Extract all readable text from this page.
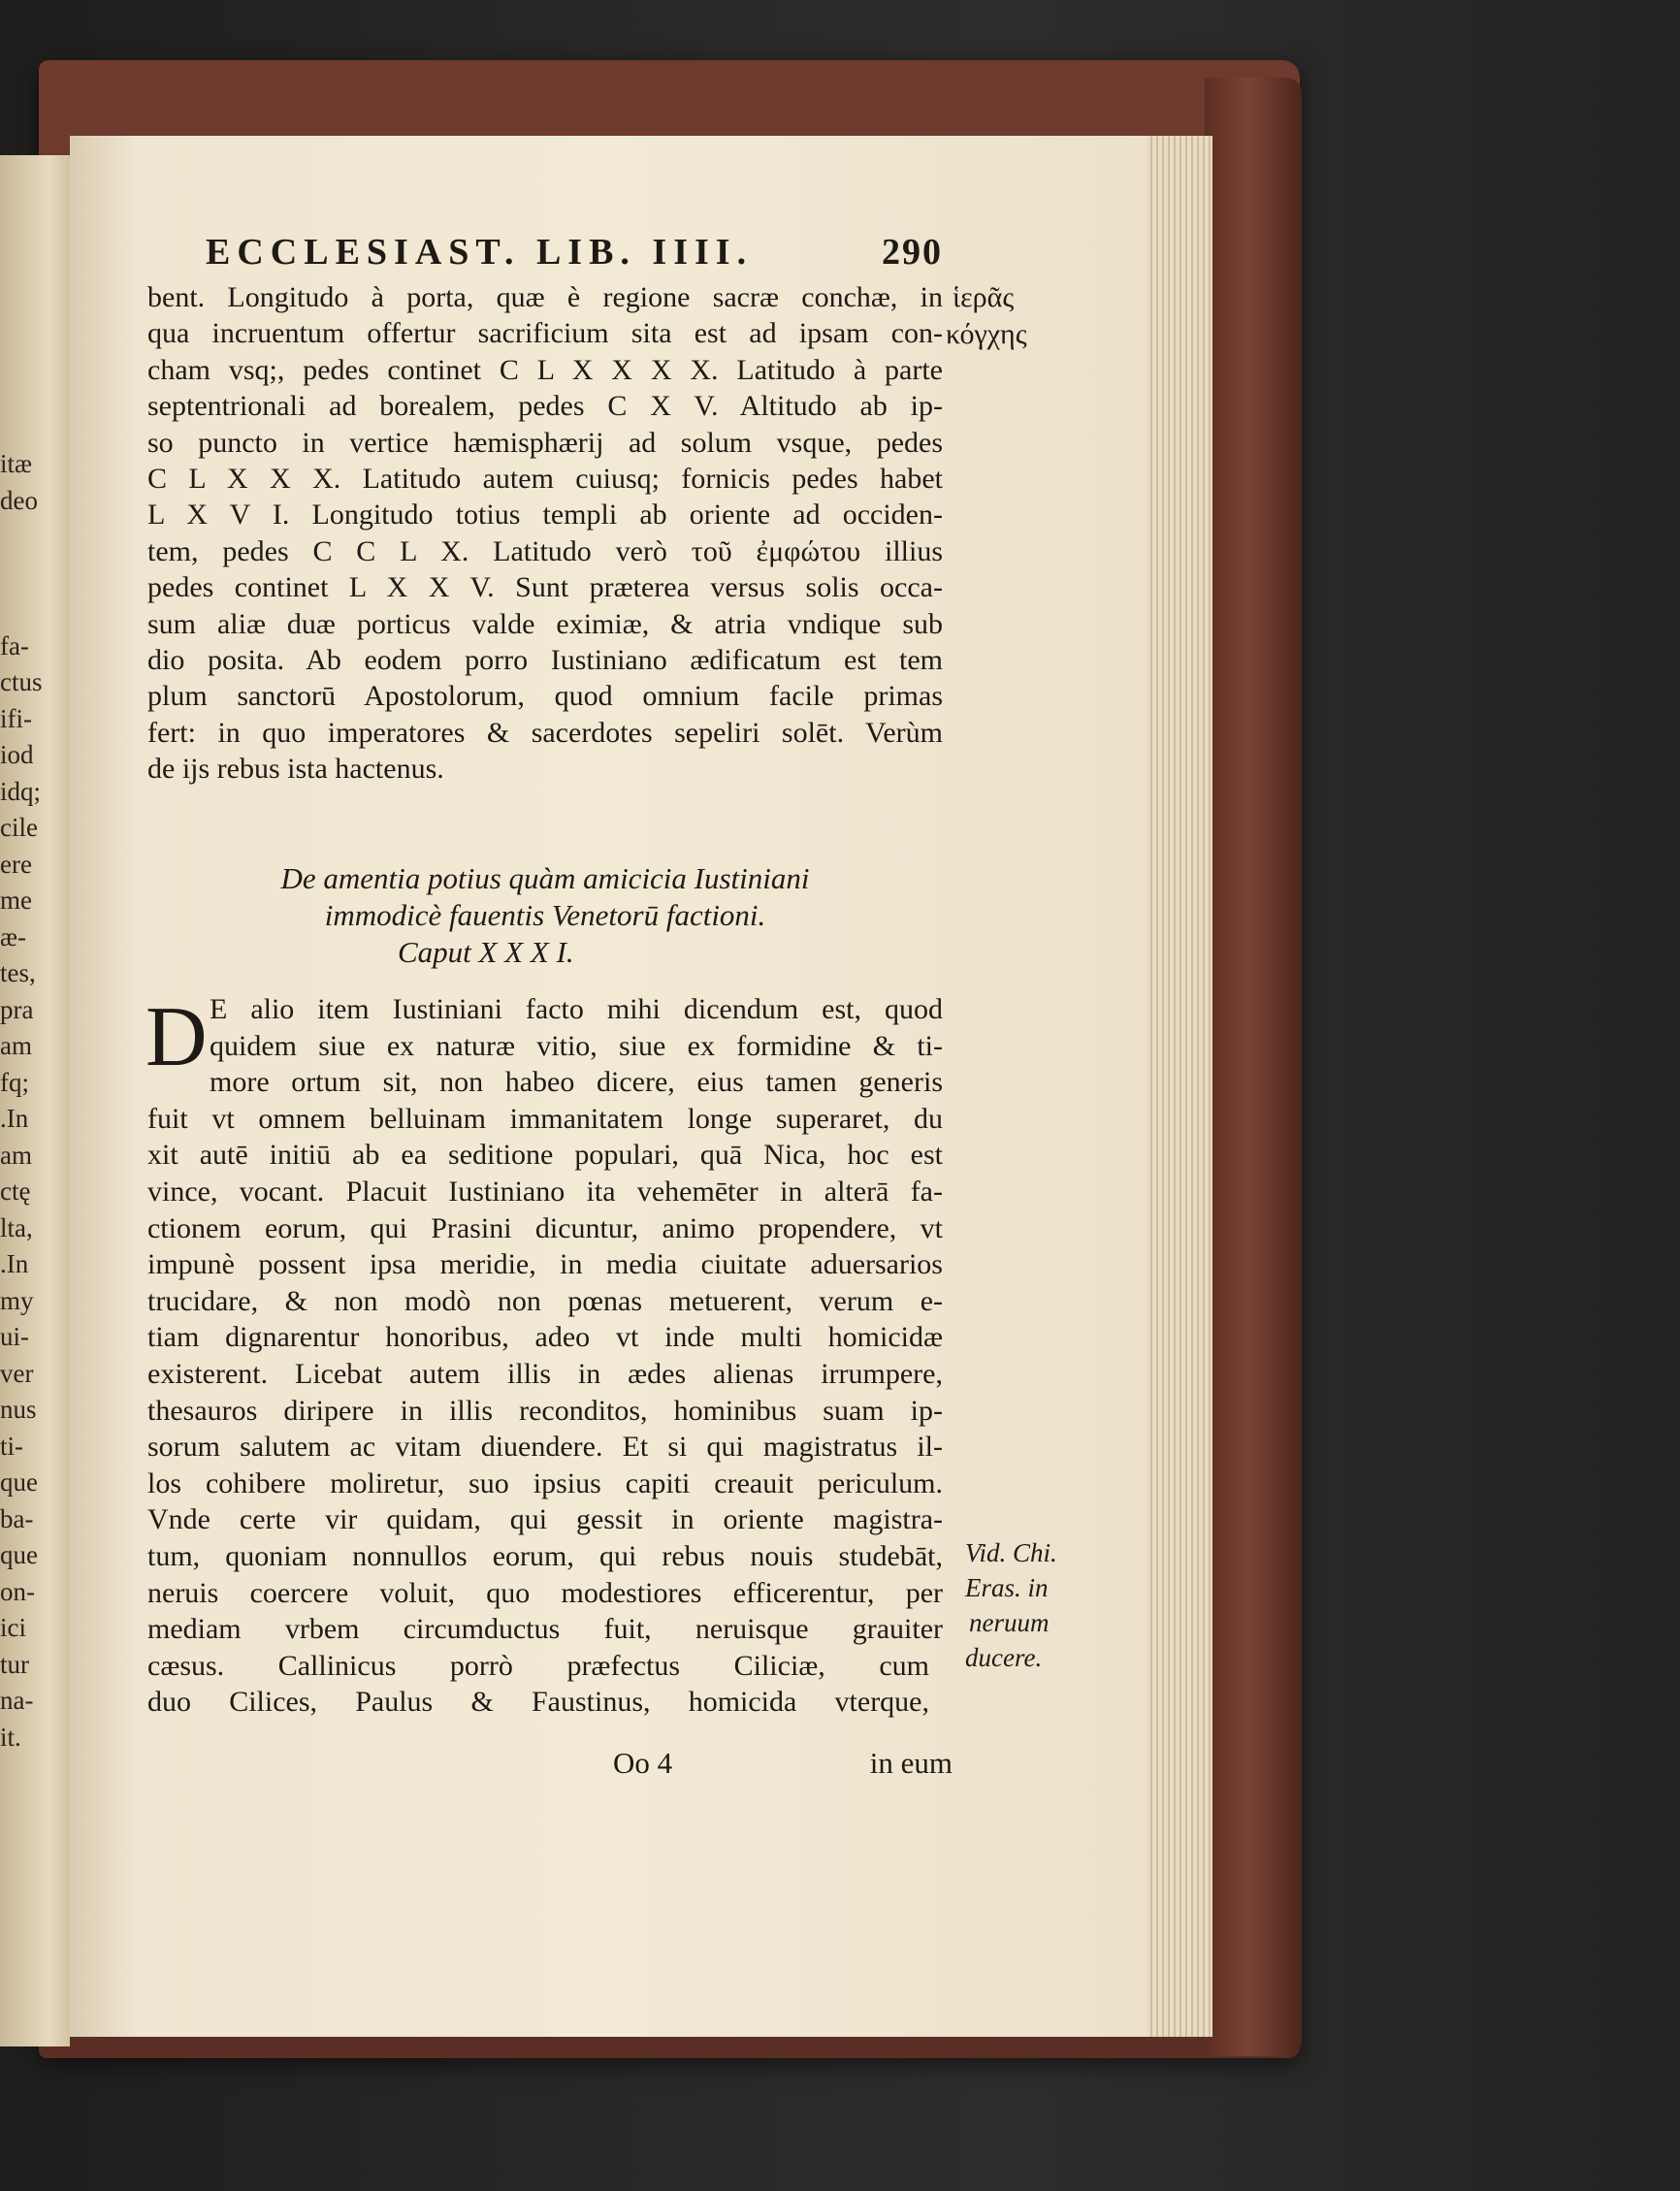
itæ
deo

fa-
ctus
ifi-
iod
idq;
cile
ere
me
æ-
tes,
pra
am
fq;
.In
am
ctę
lta,
.In
my
ui-
ver
nus
ti-
que
ba-
que
on-
ici
tur
na-
it.
ECCLESIAST. LIB. IIII.	290
bent. Longitudo à porta, quæ è regione sacræ conchæ, in
qua incruentum offertur sacrificium sita est ad ipsam con-
cham vsq;, pedes continet C L X X X X. Latitudo à parte
septentrionali ad borealem, pedes C X V. Altitudo ab ip-
so puncto in vertice hæmisphærij ad solum vsque, pedes
C L X X X. Latitudo autem cuiusq; fornicis pedes habet
L X V I. Longitudo totius templi ab oriente ad occiden-
tem, pedes C C L X. Latitudo verò τοῦ ἐμφώτου illius
pedes continet L X X V. Sunt præterea versus solis occa-
sum aliæ duæ porticus valde eximiæ, & atria vndique sub
dio posita. Ab eodem porro Iustiniano ædificatum est tem
plum sanctorū Apostolorum, quod omnium facile primas
fert: in quo imperatores & sacerdotes sepeliri solēt. Verùm
de ijs rebus ista hactenus.
De amentia potius quàm amicicia Iustiniani
immodicè fauentis Venetorū factioni.
Caput X X X I.
D E alio item Iustiniani facto mihi dicendum est, quod
quidem siue ex naturæ vitio, siue ex formidine & ti-
more ortum sit, non habeo dicere, eius tamen generis
fuit vt omnem belluinam immanitatem longe superaret, du
xit autē initiū ab ea seditione populari, quā Nica, hoc est
vince, vocant. Placuit Iustiniano ita vehemēter in alterā fa-
ctionem eorum, qui Prasini dicuntur, animo propendere, vt
impunè possent ipsa meridie, in media ciuitate aduersarios
trucidare, & non modò non pœnas metuerent, verum e-
tiam dignarentur honoribus, adeo vt inde multi homicidæ
existerent. Licebat autem illis in ædes alienas irrumpere,
thesauros diripere in illis reconditos, hominibus suam ip-
sorum salutem ac vitam diuendere. Et si qui magistratus il-
los cohibere moliretur, suo ipsius capiti creauit periculum.
Vnde certe vir quidam, qui gessit in oriente magistra-
tum, quoniam nonnullos eorum, qui rebus nouis studebāt,
neruis coercere voluit, quo modestiores efficerentur, per
mediam vrbem circumductus fuit, neruisque grauiter
cæsus. Callinicus porrò præfectus Ciliciæ, cum
duo Cilices, Paulus & Faustinus, homicida vterque,
ἱερᾶς
κόγχης
Vid. Chi.
Eras. in
neruum
ducere.
Oo 4	in eum
